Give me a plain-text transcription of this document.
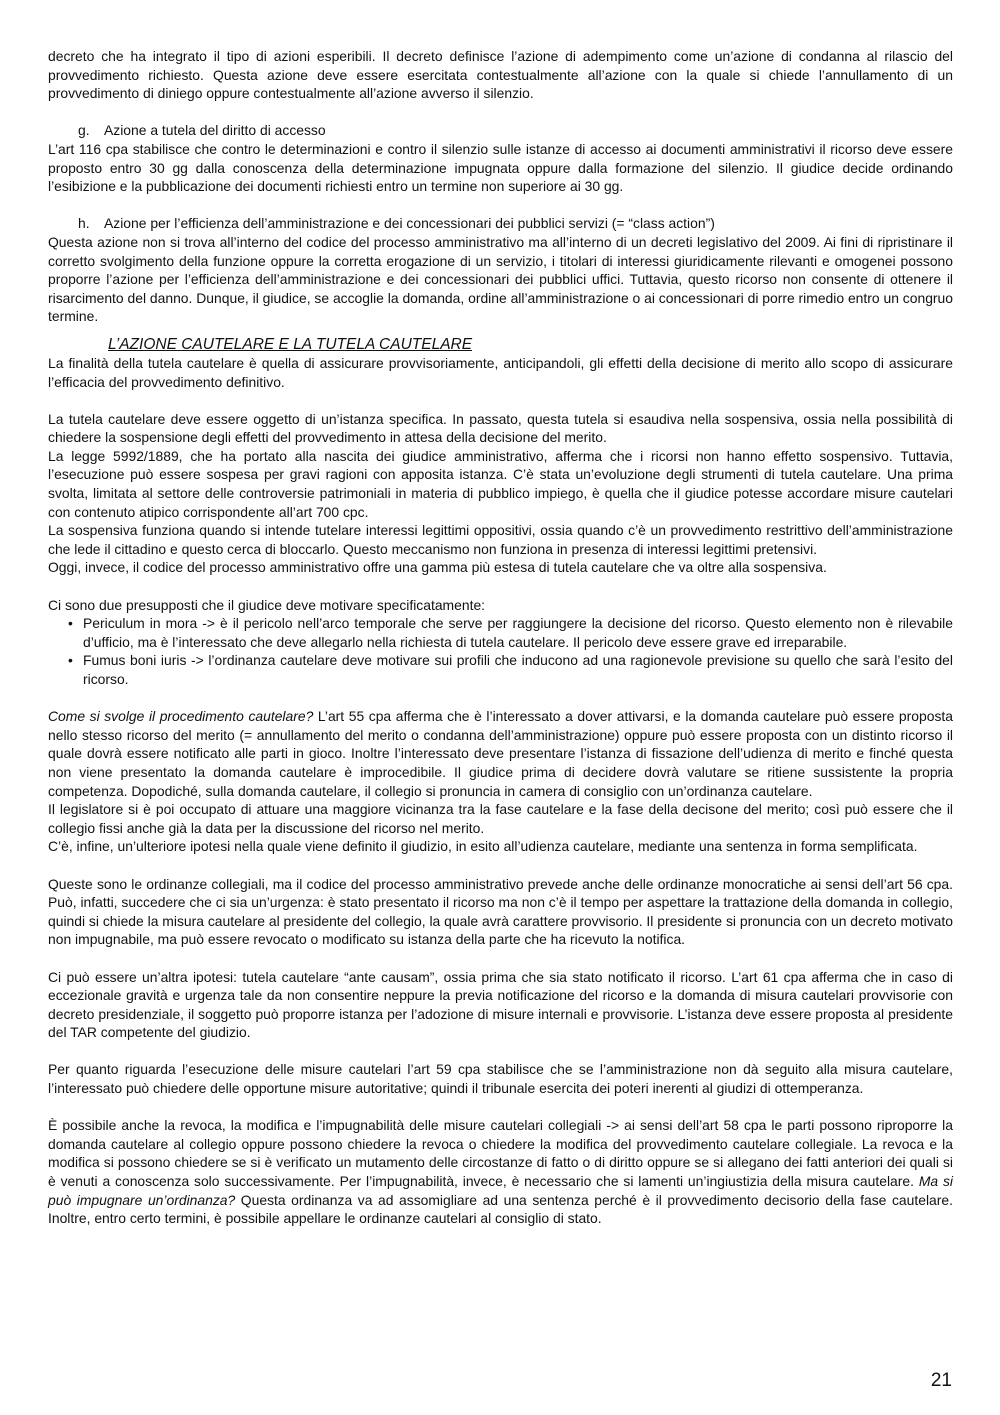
decreto che ha integrato il tipo di azioni esperibili. Il decreto definisce l’azione di adempimento come un’azione di condanna al rilascio del provvedimento richiesto. Questa azione deve essere esercitata contestualmente all’azione con la quale si chiede l’annullamento di un provvedimento di diniego oppure contestualmente all’azione avverso il silenzio.

g. Azione a tutela del diritto di accesso

L’art 116 cpa stabilisce che contro le determinazioni e contro il silenzio sulle istanze di accesso ai documenti amministrativi il ricorso deve essere proposto entro 30 gg dalla conoscenza della determinazione impugnata oppure dalla formazione del silenzio. Il giudice decide ordinando l’esibizione e la pubblicazione dei documenti richiesti entro un termine non superiore ai 30 gg.

h. Azione per l’efficienza dell’amministrazione e dei concessionari dei pubblici servizi (= “class action”)

Questa azione non si trova all’interno del codice del processo amministrativo ma all’interno di un decreti legislativo del 2009. Ai fini di ripristinare il corretto svolgimento della funzione oppure la corretta erogazione di un servizio, i titolari di interessi giuridicamente rilevanti e omogenei possono proporre l’azione per l’efficienza dell’amministrazione e dei concessionari dei pubblici uffici. Tuttavia, questo ricorso non consente di ottenere il risarcimento del danno. Dunque, il giudice, se accoglie la domanda, ordine all’amministrazione o ai concessionari di porre rimedio entro un congruo termine.

L’AZIONE CAUTELARE E LA TUTELA CAUTELARE

La finalità della tutela cautelare è quella di assicurare provvisoriamente, anticipandoli, gli effetti della decisione di merito allo scopo di assicurare l’efficacia del provvedimento definitivo.

La tutela cautelare deve essere oggetto di un’istanza specifica. In passato, questa tutela si esaudiva nella sospensiva, ossia nella possibilità di chiedere la sospensione degli effetti del provvedimento in attesa della decisione del merito.

La legge 5992/1889, che ha portato alla nascita dei giudice amministrativo, afferma che i ricorsi non hanno effetto sospensivo. Tuttavia, l’esecuzione può essere sospesa per gravi ragioni con apposita istanza. C’è stata un’evoluzione degli strumenti di tutela cautelare. Una prima svolta, limitata al settore delle controversie patrimoniali in materia di pubblico impiego, è quella che il giudice potesse accordare misure cautelari con contenuto atipico corrispondente all’art 700 cpc.

La sospensiva funziona quando si intende tutelare interessi legittimi oppositivi, ossia quando c’è un provvedimento restrittivo dell’amministrazione che lede il cittadino e questo cerca di bloccarlo. Questo meccanismo non funziona in presenza di interessi legittimi pretensivi.

Oggi, invece, il codice del processo amministrativo offre una gamma più estesa di tutela cautelare che va oltre alla sospensiva.

Ci sono due presupposti che il giudice deve motivare specificatamente:

• Periculum in mora -> è il pericolo nell’arco temporale che serve per raggiungere la decisione del ricorso. Questo elemento non è rilevabile d’ufficio, ma è l’interessato che deve allegarlo nella richiesta di tutela cautelare. Il pericolo deve essere grave ed irreparabile.
• Fumus boni iuris -> l’ordinanza cautelare deve motivare sui profili che inducono ad una ragionevole previsione su quello che sarà l’esito del ricorso.

Come si svolge il procedimento cautelare? L’art 55 cpa afferma che è l’interessato a dover attivarsi, e la domanda cautelare può essere proposta nello stesso ricorso del merito (= annullamento del merito o condanna dell’amministrazione) oppure può essere proposta con un distinto ricorso il quale dovrà essere notificato alle parti in gioco. Inoltre l’interessato deve presentare l’istanza di fissazione dell’udienza di merito e finché questa non viene presentato la domanda cautelare è improcedibile. Il giudice prima di decidere dovrà valutare se ritiene sussistente la propria competenza. Dopodiché, sulla domanda cautelare, il collegio si pronuncia in camera di consiglio con un’ordinanza cautelare.

Il legislatore si è poi occupato di attuare una maggiore vicinanza tra la fase cautelare e la fase della decisone del merito; così può essere che il collegio fissi anche già la data per la discussione del ricorso nel merito.

C’è, infine, un’ulteriore ipotesi nella quale viene definito il giudizio, in esito all’udienza cautelare, mediante una sentenza in forma semplificata.

Queste sono le ordinanze collegiali, ma il codice del processo amministrativo prevede anche delle ordinanze monocratiche ai sensi dell’art 56 cpa. Può, infatti, succedere che ci sia un’urgenza: è stato presentato il ricorso ma non c’è il tempo per aspettare la trattazione della domanda in collegio, quindi si chiede la misura cautelare al presidente del collegio, la quale avrà carattere provvisorio. Il presidente si pronuncia con un decreto motivato non impugnabile, ma può essere revocato o modificato su istanza della parte che ha ricevuto la notifica.

Ci può essere un’altra ipotesi: tutela cautelare “ante causam”, ossia prima che sia stato notificato il ricorso. L’art 61 cpa afferma che in caso di eccezionale gravità e urgenza tale da non consentire neppure la previa notificazione del ricorso e la domanda di misura cautelari provvisorie con decreto presidenziale, il soggetto può proporre istanza per l’adozione di misure internali e provvisorie. L’istanza deve essere proposta al presidente del TAR competente del giudizio.

Per quanto riguarda l’esecuzione delle misure cautelari l’art 59 cpa stabilisce che se l’amministrazione non dà seguito alla misura cautelare, l’interessato può chiedere delle opportune misure autoritative; quindi il tribunale esercita dei poteri inerenti al giudizi di ottemperanza.

È possibile anche la revoca, la modifica e l’impugnabilità delle misure cautelari collegiali -> ai sensi dell’art 58 cpa le parti possono riproporre la domanda cautelare al collegio oppure possono chiedere la revoca o chiedere la modifica del provvedimento cautelare collegiale. La revoca e la modifica si possono chiedere se si è verificato un mutamento delle circostanze di fatto o di diritto oppure se si allegano dei fatti anteriori dei quali si è venuti a conoscenza solo successivamente. Per l’impugnabilità, invece, è necessario che si lamenti un’ingiustizia della misura cautelare. Ma si può impugnare un’ordinanza? Questa ordinanza va ad assomigliare ad una sentenza perché è il provvedimento decisorio della fase cautelare. Inoltre, entro certo termini, è possibile appellare le ordinanze cautelari al consiglio di stato.

21
